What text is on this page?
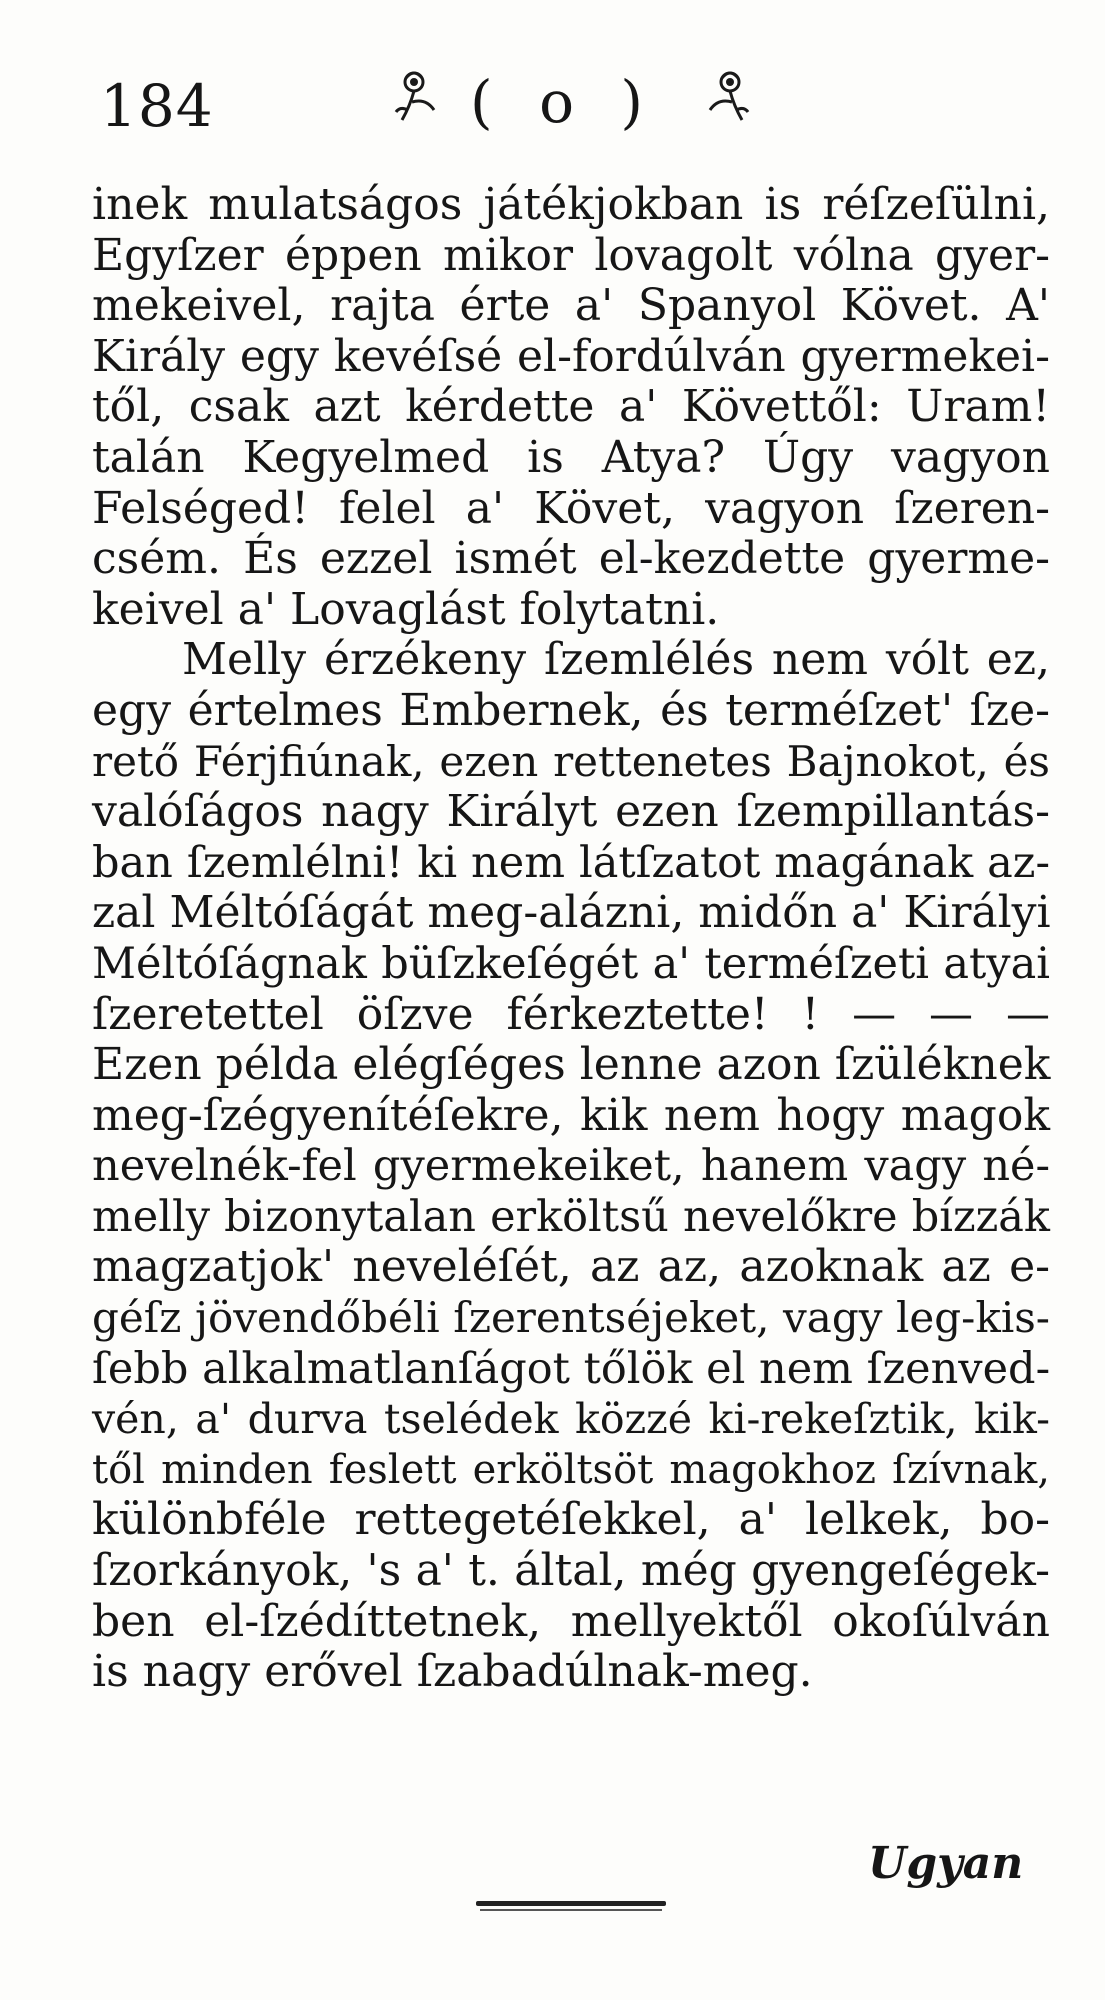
184	( o )
inek mulatságos játékjokban is réſzeſülni,
Egyſzer éppen mikor lovagolt vólna gyer-
mekeivel, rajta érte a' Spanyol Követ. A'
Király egy kevéſsé el-fordúlván gyermekei-
től, csak azt kérdette a' Követtől: Uram!
talán Kegyelmed is Atya? Úgy vagyon
Felséged! felel a' Követ, vagyon ſzeren-
csém. És ezzel ismét el-kezdette gyerme-
keivel a' Lovaglást folytatni.
Melly érzékeny ſzemlélés nem vólt ez,
egy értelmes Embernek, és terméſzet' ſze-
rető Férjfiúnak, ezen rettenetes Bajnokot, és
valóſágos nagy Királyt ezen ſzempillantás-
ban ſzemlélni! ki nem látſzatot magának az-
zal Méltóſágát meg-alázni, midőn a' Királyi
Méltóſágnak büſzkeſégét a' terméſzeti atyai
ſzeretettel öſzve férkeztette! ! — — —
Ezen példa elégſéges lenne azon ſzüléknek
meg-ſzégyenítéſekre, kik nem hogy magok
nevelnék-fel gyermekeiket, hanem vagy né-
melly bizonytalan erköltsű nevelőkre bízzák
magzatjok' neveléſét, az az, azoknak az e-
géſz jövendőbéli ſzerentséjeket, vagy leg-kis-
ſebb alkalmatlanſágot tőlök el nem ſzenved-
vén, a' durva tselédek közzé ki-rekeſztik, kik-
től minden feslett erköltsöt magokhoz ſzívnak,
különbféle rettegetéſekkel, a' lelkek, bo-
ſzorkányok, 's a' t. által, még gyengeſégek-
ben el-ſzédíttetnek, mellyektől okoſúlván
is nagy erővel ſzabadúlnak-meg.
Ugyan
